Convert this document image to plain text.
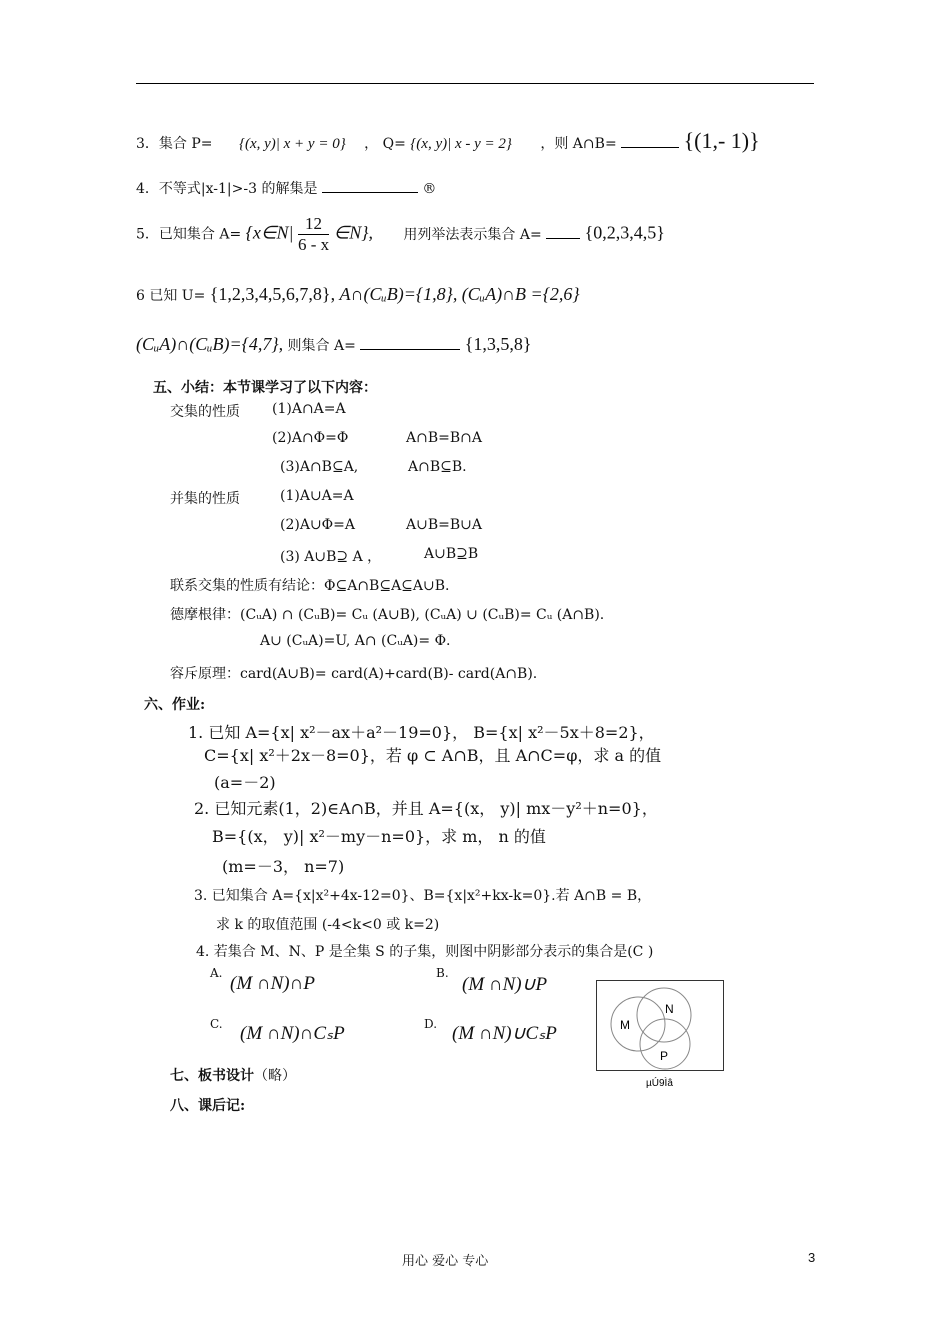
3．集合 P= {(x, y)| x + y = 0} ， Q= {(x, y)| x - y = 2} ，则 A∩B=	{(1,- 1)}
4．不等式|x-1|>-3 的解集是	®
5．已知集合 A= {x∈N| $\frac{12}{6 - x}$ ∈N}, 用列举法表示集合 A= {0,2,3,4,5}
6 已知 U= {1,2,3,4,5,6,7,8}, A∩(CᵤB)={1,8}, (CᵤA)∩B ={2,6}
(CᵤA)∩(CᵤB)={4,7}, 则集合 A=	{1,3,5,8}
五、小结：本节课学习了以下内容：
交集的性质 (1)A∩A=A
(2)A∩Φ=Φ	A∩B=B∩A
(3)A∩B⊆A,	A∩B⊆B.
并集的性质	(1)A∪A=A
(2)A∪Φ=A	A∪B=B∪A
(3) A∪B⊇ A ，	A∪B⊇B
联系交集的性质有结论：Φ⊆A∩B⊆A⊆A∪B.
德摩根律：(CᵤA) ∩ (CᵤB)= Cᵤ (A∪B), (CᵤA) ∪ (CᵤB)= Cᵤ (A∩B).
A∪ (CᵤA)=U, A∩ (CᵤA)= Φ.
容斥原理：card(A∪B)= card(A)+card(B)- card(A∩B).
六、作业:
1. 已知 A={x| x²－ax＋a²－19=0}， B={x| x²－5x＋8=2}，
C={x| x²＋2x－8=0}，若 φ ⊂ A∩B，且 A∩C=φ，求 a 的值
(a=－2)
2. 已知元素(1，2)∈A∩B，并且 A={(x， y)| mx－y²＋n=0}，
B={(x， y)| x²－my－n=0}，求 m， n 的值
(m=－3， n=7)
3. 已知集合 A={x|x²+4x-12=0}、B={x|x²+kx-k=0}.若 A∩B = B，
求 k 的取值范围 (-4<k<0 或 k=2)
4. 若集合 M、N、P 是全集 S 的子集，则图中阴影部分表示的集合是(C )
A. (M ∩N)∩P	B.
(M ∩N)∪P
C. (M ∩N)∩CₛP	D. (M ∩N)∪CₛP	M
N
P
µÚ9Ìâ
七、板书设计（略）
八、课后记:
用心 爱心 专心	3
